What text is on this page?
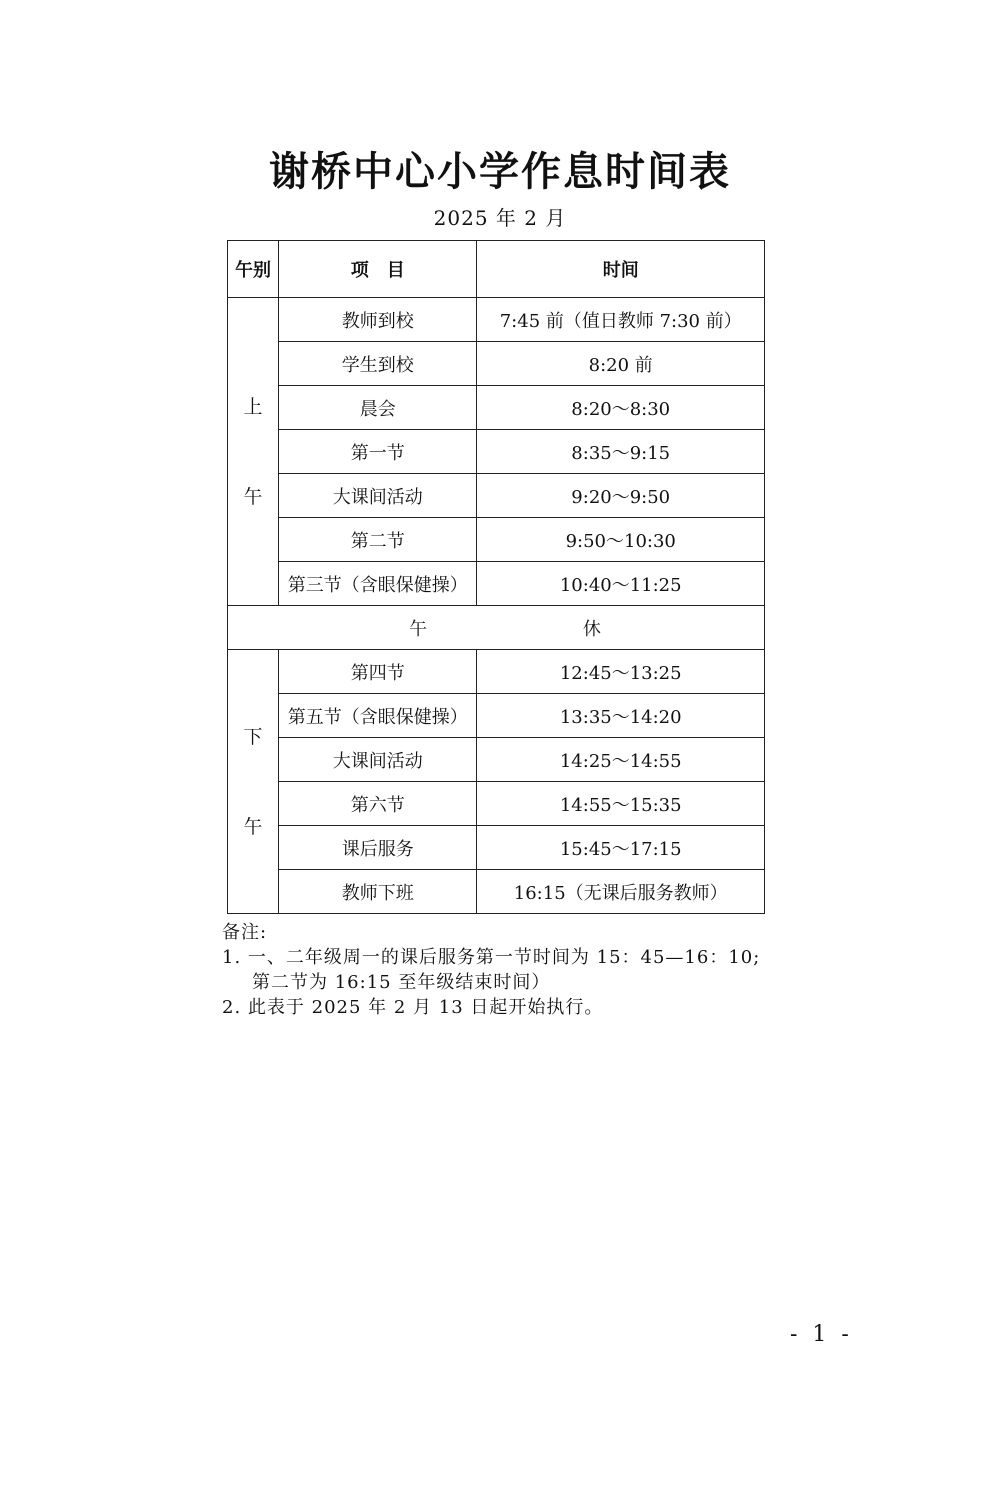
谢桥中心小学作息时间表
2025 年 2 月
午别	项　目	时间

上
午	教师到校	7:45 前（值日教师 7:30 前）
	学生到校	8:20 前
	晨会	8:20～8:30
	第一节	8:35～9:15
	大课间活动	9:20～9:50
	第二节	9:50～10:30
	第三节（含眼保健操）	10:40～11:25
午 休		

下
午	第四节	12:45～13:25
	第五节（含眼保健操）	13:35～14:20
	大课间活动	14:25～14:55
	第六节	14:55～15:35
	课后服务	15:45～17:15
	教师下班	16:15（无课后服务教师）
备注:
1. 一、二年级周一的课后服务第一节时间为 15：45—16：10;
第二节为 16:15 至年级结束时间）
2. 此表于 2025 年 2 月 13 日起开始执行。
- 1 -
